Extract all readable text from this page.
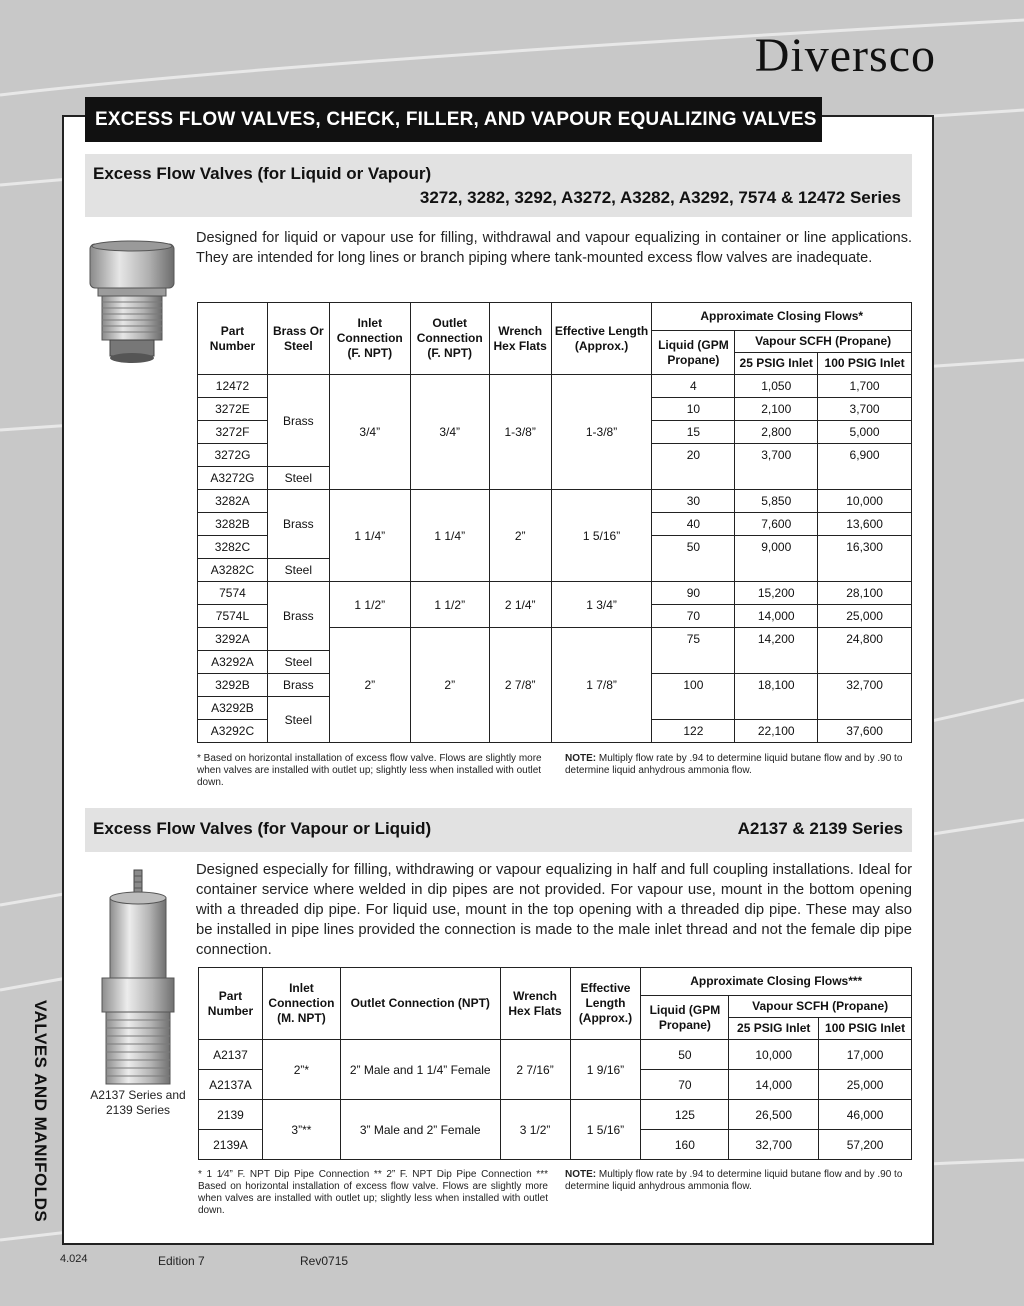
Diversco
EXCESS FLOW VALVES, CHECK, FILLER, AND VAPOUR EQUALIZING VALVES
Excess Flow Valves (for Liquid or Vapour)
3272, 3282, 3292, A3272, A3282, A3292, 7574 & 12472 Series
Designed for liquid or vapour use for filling, withdrawal and vapour equalizing in container or line applications. They are intended for long lines or branch piping where tank-mounted excess flow valves are inadequate.
Part Number	Brass Or Steel	Inlet Connection (F. NPT)	Outlet Connection (F. NPT)	Wrench Hex Flats	Effective Length (Approx.)	Approximate Closing Flows*		
						Liquid (GPM Propane)	Vapour SCFH (Propane)	
							25 PSIG Inlet	100 PSIG Inlet
12472	Brass	3/4”	3/4”	1-3/8”	1-3/8”	4	1,050	1,700
3272E						10	2,100	3,700
3272F						15	2,800	5,000
3272G						20	3,700	6,900
A3272G	Steel							
3282A	Brass	1 1/4”	1 1/4”	2”	1 5/16”	30	5,850	10,000
3282B						40	7,600	13,600
3282C						50	9,000	16,300
A3282C	Steel							
7574	Brass	1 1/2”	1 1/2”	2 1/4”	1 3/4”	90	15,200	28,100
7574L						70	14,000	25,000
3292A		2”	2”	2 7/8”	1 7/8”	75	14,200	24,800
A3292A	Steel							
3292B	Brass					100	18,100	32,700
A3292B	Steel							
A3292C						122	22,100	37,600
* Based on horizontal installation of excess flow valve. Flows are slightly more when valves are installed with outlet up; slightly less when installed with outlet down.
NOTE: Multiply flow rate by .94 to determine liquid butane flow and by .90 to determine liquid anhydrous ammonia flow.
Excess Flow Valves (for Vapour or Liquid)	A2137 & 2139 Series
Designed especially for filling, withdrawing or vapour equalizing in half and full coupling installations. Ideal for container service where welded in dip pipes are not provided. For vapour use, mount in the bottom opening with a threaded dip pipe. For liquid use, mount in the top opening with a threaded dip pipe. These may also be installed in pipe lines provided the connection is made to the male inlet thread and not the female dip pipe connection.
A2137 Series and 2139 Series
Part Number	Inlet Connection (M. NPT)	Outlet Connection (NPT)	Wrench Hex Flats	Effective Length (Approx.)	Approximate Closing Flows***		
					Liquid (GPM Propane)	Vapour SCFH (Propane)	
						25 PSIG Inlet	100 PSIG Inlet
A2137	2”*	2” Male and 1 1/4” Female	2 7/16”	1 9/16”	50	10,000	17,000
A2137A					70	14,000	25,000
2139	3”**	3” Male and 2” Female	3 1/2”	1 5/16”	125	26,500	46,000
2139A					160	32,700	57,200
* 1 1⁄4” F. NPT Dip Pipe Connection ** 2” F. NPT Dip Pipe Connection *** Based on horizontal installation of excess flow valve. Flows are slightly more when valves are installed with outlet up; slightly less when installed with outlet down.
NOTE: Multiply flow rate by .94 to determine liquid butane flow and by .90 to determine liquid anhydrous ammonia flow.
VALVES AND MANIFOLDS
4.024	Edition 7	Rev0715
